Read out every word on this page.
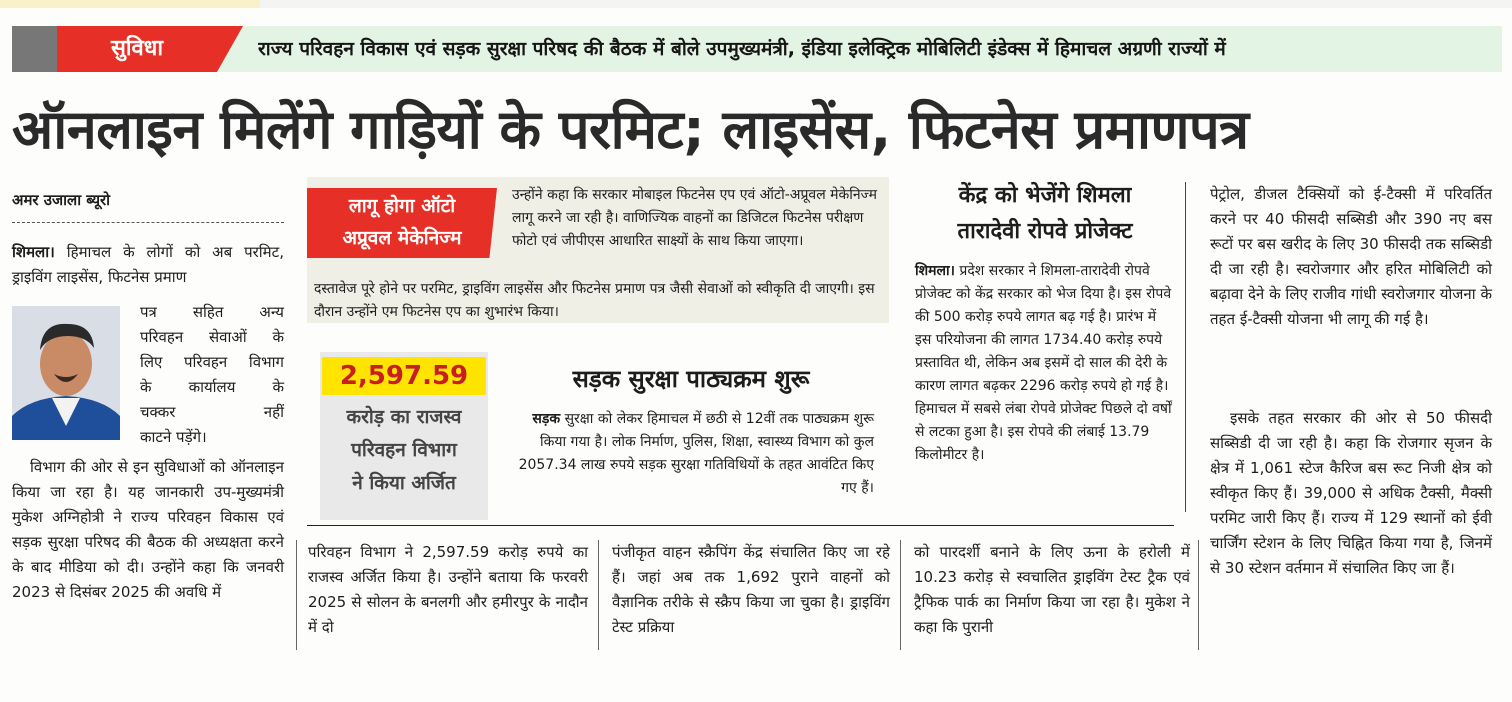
सुविधा	राज्य परिवहन विकास एवं सड़क सुरक्षा परिषद की बैठक में बोले उपमुख्यमंत्री, इंडिया इलेक्ट्रिक मोबिलिटी इंडेक्स में हिमाचल अग्रणी राज्यों में
ऑनलाइन मिलेंगे गाड़ियों के परमिट; लाइसेंस, फिटनेस प्रमाणपत्र
अमर उजाला ब्यूरो
शिमला। हिमाचल के लोगों को अब परमिट, ड्राइविंग लाइसेंस, फिटनेस प्रमाण
पत्र सहित अन्य
परिवहन सेवाओं के
लिए परिवहन विभाग
के कार्यालय के
चक्कर नहीं
काटने पड़ेंगे।
विभाग की ओर से इन सुविधाओं को ऑनलाइन किया जा रहा है। यह जानकारी उप-मुख्यमंत्री मुकेश अग्निहोत्री ने राज्य परिवहन विकास एवं सड़क सुरक्षा परिषद की बैठक की अध्यक्षता करने के बाद मीडिया को दी। उन्होंने कहा कि जनवरी 2023 से दिसंबर 2025 की अवधि में
लागू होगा ऑटो
अप्रूवल मेकेनिज्म
उन्होंने कहा कि सरकार मोबाइल फिटनेस एप एवं ऑटो-अप्रूवल मेकेनिज्म लागू करने जा रही है। वाणिज्यिक वाहनों का डिजिटल फिटनेस परीक्षण फोटो एवं जीपीएस आधारित साक्ष्यों के साथ किया जाएगा।
दस्तावेज पूरे होने पर परमिट, ड्राइविंग लाइसेंस और फिटनेस प्रमाण पत्र जैसी सेवाओं को स्वीकृति दी जाएगी। इस दौरान उन्होंने एम फिटनेस एप का शुभारंभ किया।
2,597.59
करोड़ का राजस्व
परिवहन विभाग
ने किया अर्जित
सड़क सुरक्षा पाठ्यक्रम शुरू
सड़क सुरक्षा को लेकर हिमाचल में छठी से 12वीं तक पाठ्यक्रम शुरू किया गया है। लोक निर्माण, पुलिस, शिक्षा, स्वास्थ्य विभाग को कुल 2057.34 लाख रुपये सड़क सुरक्षा गतिविधियों के तहत आवंटित किए गए हैं।
केंद्र को भेजेंगे शिमला
तारादेवी रोपवे प्रोजेक्ट
शिमला। प्रदेश सरकार ने शिमला-तारादेवी रोपवे प्रोजेक्ट को केंद्र सरकार को भेज दिया है। इस रोपवे की 500 करोड़ रुपये लागत बढ़ गई है। प्रारंभ में इस परियोजना की लागत 1734.40 करोड़ रुपये प्रस्तावित थी, लेकिन अब इसमें दो साल की देरी के कारण लागत बढ़कर 2296 करोड़ रुपये हो गई है। हिमाचल में सबसे लंबा रोपवे प्रोजेक्ट पिछले दो वर्षों से लटका हुआ है। इस रोपवे की लंबाई 13.79 किलोमीटर है।
पेट्रोल, डीजल टैक्सियों को ई-टैक्सी में परिवर्तित करने पर 40 फीसदी सब्सिडी और 390 नए बस रूटों पर बस खरीद के लिए 30 फीसदी तक सब्सिडी दी जा रही है। स्वरोजगार और हरित मोबिलिटी को बढ़ावा देने के लिए राजीव गांधी स्वरोजगार योजना के तहत ई-टैक्सी योजना भी लागू की गई है।
इसके तहत सरकार की ओर से 50 फीसदी सब्सिडी दी जा रही है। कहा कि रोजगार सृजन के क्षेत्र में 1,061 स्टेज कैरिज बस रूट निजी क्षेत्र को स्वीकृत किए हैं। 39,000 से अधिक टैक्सी, मैक्सी परमिट जारी किए हैं। राज्य में 129 स्थानों को ईवी चार्जिंग स्टेशन के लिए चिह्नित किया गया है, जिनमें से 30 स्टेशन वर्तमान में संचालित किए जा हैं।
परिवहन विभाग ने 2,597.59 करोड़ रुपये का राजस्व अर्जित किया है। उन्होंने बताया कि फरवरी 2025 से सोलन के बनलगी और हमीरपुर के नादौन में दो
पंजीकृत वाहन स्क्रैपिंग केंद्र संचालित किए जा रहे हैं। जहां अब तक 1,692 पुराने वाहनों को वैज्ञानिक तरीके से स्क्रैप किया जा चुका है। ड्राइविंग टेस्ट प्रक्रिया
को पारदर्शी बनाने के लिए ऊना के हरोली में 10.23 करोड़ से स्वचालित ड्राइविंग टेस्ट ट्रैक एवं ट्रैफिक पार्क का निर्माण किया जा रहा है। मुकेश ने कहा कि पुरानी
